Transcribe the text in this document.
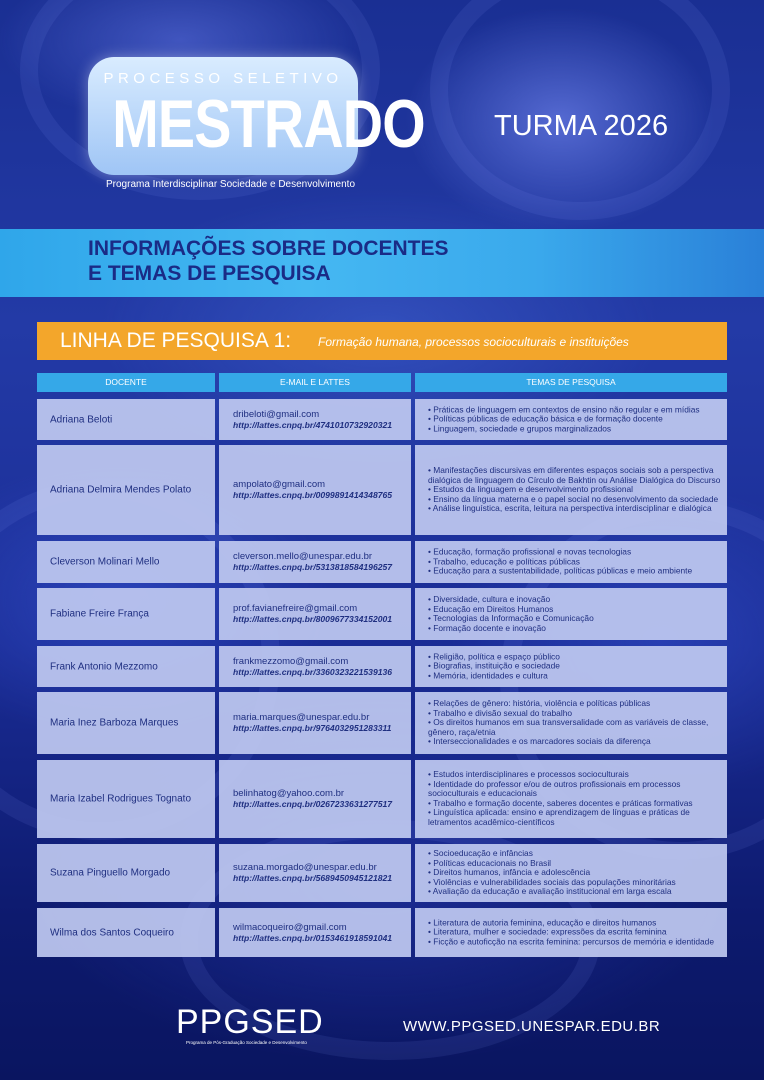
PROCESSO SELETIVO
MESTRADO
Programa Interdisciplinar Sociedade e Desenvolvimento
TURMA 2026
INFORMAÇÕES SOBRE DOCENTES
E TEMAS DE PESQUISA
LINHA DE PESQUISA 1: Formação humana, processos socioculturais e instituições
DOCENTE	E-MAIL E LATTES	TEMAS DE PESQUISA
Adriana Beloti	dribeloti@gmail.com
http://lattes.cnpq.br/4741010732920321
• Práticas de linguagem em contextos de ensino não regular e em mídias
• Políticas públicas de educação básica e de formação docente
• Linguagem, sociedade e grupos marginalizados
Adriana Delmira Mendes Polato	ampolato@gmail.com
http://lattes.cnpq.br/0099891414348765
• Manifestações discursivas em diferentes espaços sociais sob a perspectiva dialógica de linguagem do Círculo de Bakhtin ou Análise Dialógica do Discurso
• Estudos da linguagem e desenvolvimento profissional
• Ensino da língua materna e o papel social no desenvolvimento da sociedade
• Análise linguística, escrita, leitura na perspectiva interdisciplinar e dialógica
Cleverson Molinari Mello	cleverson.mello@unespar.edu.br
http://lattes.cnpq.br/5313818584196257
• Educação, formação profissional e novas tecnologias
• Trabalho, educação e políticas públicas
• Educação para a sustentabilidade, políticas públicas e meio ambiente
Fabiane Freire França	prof.favianefreire@gmail.com
http://lattes.cnpq.br/8009677334152001
• Diversidade, cultura e inovação
• Educação em Direitos Humanos
• Tecnologias da Informação e Comunicação
• Formação docente e inovação
Frank Antonio Mezzomo	frankmezzomo@gmail.com
http://lattes.cnpq.br/3360323221539136
• Religião, política e espaço público
• Biografias, instituição e sociedade
• Memória, identidades e cultura
Maria Inez Barboza Marques	maria.marques@unespar.edu.br
http://lattes.cnpq.br/9764032951283311
• Relações de gênero: história, violência e políticas públicas
• Trabalho e divisão sexual do trabalho
• Os direitos humanos em sua transversalidade com as variáveis de classe, gênero, raça/etnia
• Interseccionalidades e os marcadores sociais da diferença
Maria Izabel Rodrigues Tognato	belinhatog@yahoo.com.br
http://lattes.cnpq.br/0267233631277517
• Estudos interdisciplinares e processos socioculturais
• Identidade do professor e/ou de outros profissionais em processos socioculturais e educacionais
• Trabalho e formação docente, saberes docentes e práticas formativas
• Linguística aplicada: ensino e aprendizagem de línguas e práticas de letramentos acadêmico-científicos
Suzana Pinguello Morgado	suzana.morgado@unespar.edu.br
http://lattes.cnpq.br/5689450945121821
• Socioeducação e infâncias
• Políticas educacionais no Brasil
• Direitos humanos, infância e adolescência
• Violências e vulnerabilidades sociais das populações minoritárias
• Avaliação da educação e avaliação institucional em larga escala
Wilma dos Santos Coqueiro	wilmacoqueiro@gmail.com
http://lattes.cnpq.br/0153461918591041
• Literatura de autoria feminina, educação e direitos humanos
• Literatura, mulher e sociedade: expressões da escrita feminina
• Ficção e autoficção na escrita feminina: percursos de memória e identidade
PPGSED
Programa de Pós-Graduação Sociedade e Desenvolvimento
WWW.PPGSED.UNESPAR.EDU.BR
